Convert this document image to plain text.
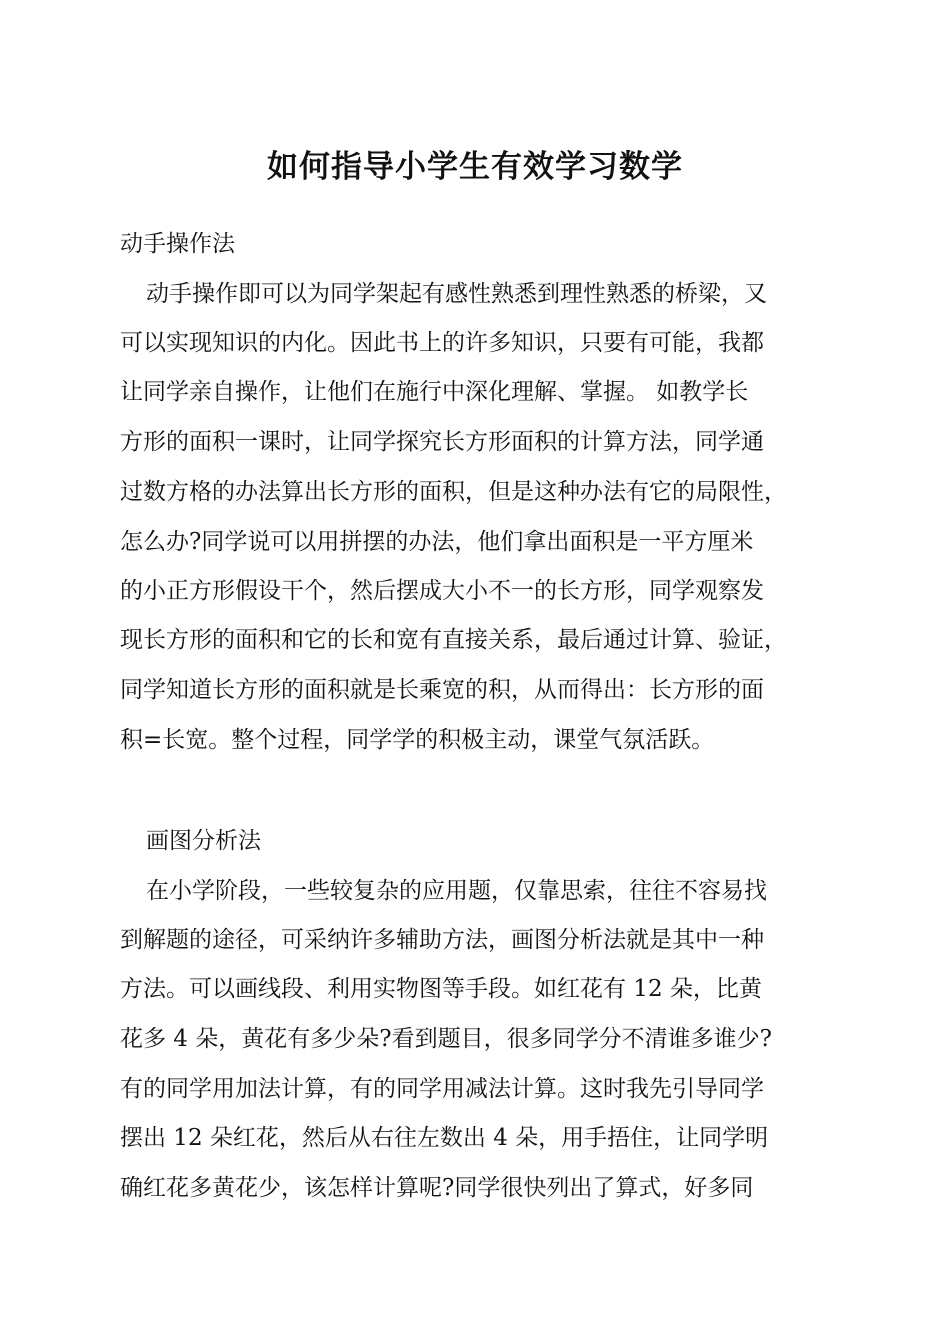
如何指导小学生有效学习数学
动手操作法
动手操作即可以为同学架起有感性熟悉到理性熟悉的桥梁，又
可以实现知识的内化。因此书上的许多知识，只要有可能，我都
让同学亲自操作，让他们在施行中深化理解、掌握。 如教学长
方形的面积一课时，让同学探究长方形面积的计算方法，同学通
过数方格的办法算出长方形的面积，但是这种办法有它的局限性，
怎么办?同学说可以用拼摆的办法，他们拿出面积是一平方厘米
的小正方形假设干个，然后摆成大小不一的长方形，同学观察发
现长方形的面积和它的长和宽有直接关系，最后通过计算、验证，
同学知道长方形的面积就是长乘宽的积，从而得出：长方形的面
积=长宽。整个过程，同学学的积极主动，课堂气氛活跃。
画图分析法
在小学阶段，一些较复杂的应用题，仅靠思索，往往不容易找
到解题的途径，可采纳许多辅助方法，画图分析法就是其中一种
方法。可以画线段、利用实物图等手段。如红花有 12 朵，比黄
花多 4 朵，黄花有多少朵?看到题目，很多同学分不清谁多谁少?
有的同学用加法计算，有的同学用减法计算。这时我先引导同学
摆出 12 朵红花，然后从右往左数出 4 朵，用手捂住，让同学明
确红花多黄花少，该怎样计算呢?同学很快列出了算式，好多同
